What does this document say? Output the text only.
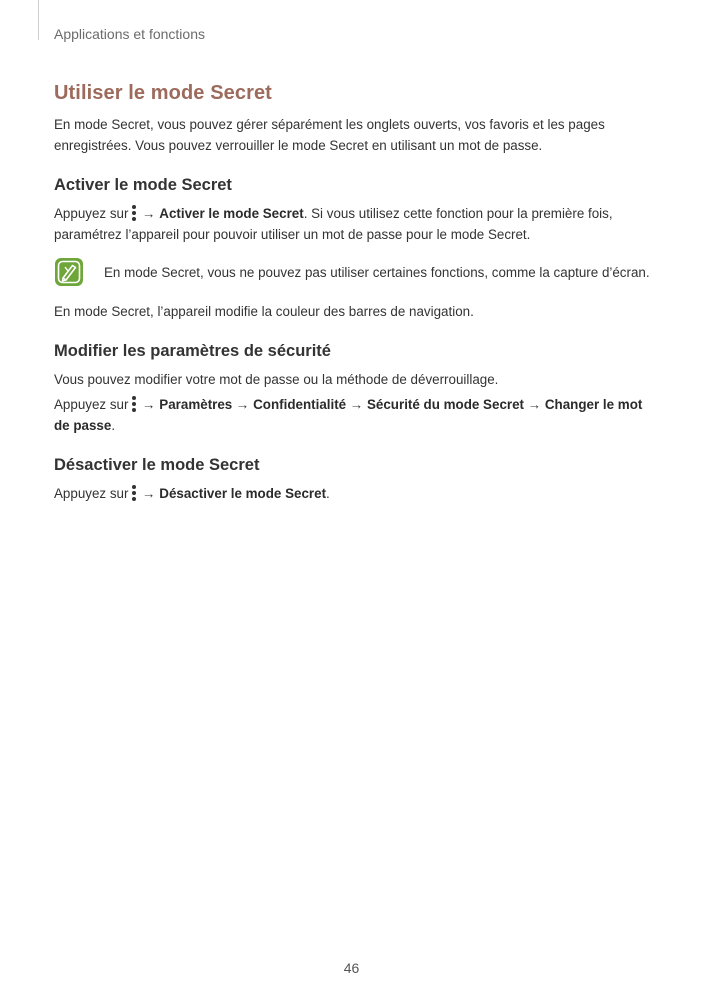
Applications et fonctions
Utiliser le mode Secret

En mode Secret, vous pouvez gérer séparément les onglets ouverts, vos favoris et les pages enregistrées. Vous pouvez verrouiller le mode Secret en utilisant un mot de passe.

Activer le mode Secret

Appuyez sur → Activer le mode Secret. Si vous utilisez cette fonction pour la première fois, paramétrez l’appareil pour pouvoir utiliser un mot de passe pour le mode Secret.

En mode Secret, vous ne pouvez pas utiliser certaines fonctions, comme la capture d’écran.

En mode Secret, l’appareil modifie la couleur des barres de navigation.

Modifier les paramètres de sécurité

Vous pouvez modifier votre mot de passe ou la méthode de déverrouillage.

Appuyez sur → Paramètres → Confidentialité → Sécurité du mode Secret → Changer le mot de passe.

Désactiver le mode Secret

Appuyez sur → Désactiver le mode Secret.

46
